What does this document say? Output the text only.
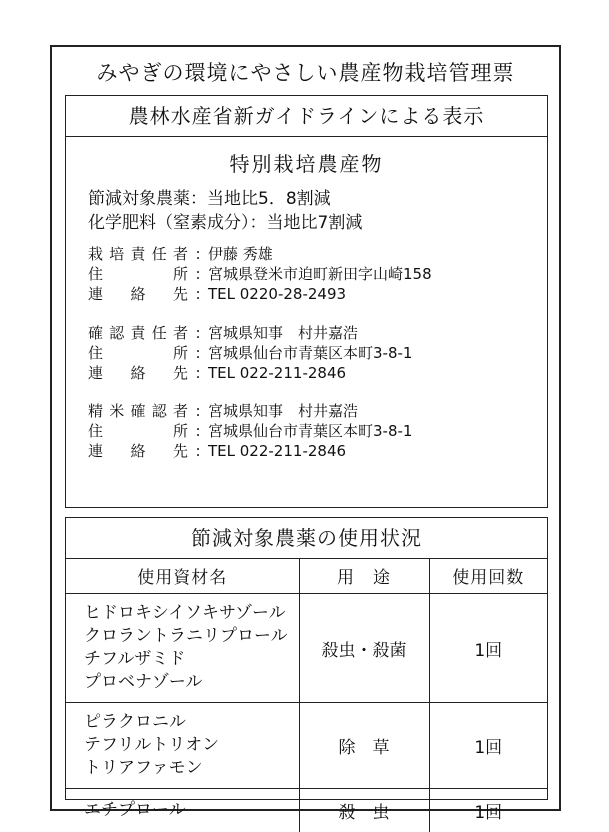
みやぎの環境にやさしい農産物栽培管理票
農林水産省新ガイドラインによる表示
特別栽培農産物
節減対象農薬：当地比5．8割減
化学肥料（窒素成分）：当地比7割減
栽培責任者 : 伊藤 秀雄
住所 : 宮城県登米市迫町新田字山崎158
連絡先 : TEL 0220-28-2493
確認責任者 : 宮城県知事　村井嘉浩
住所 : 宮城県仙台市青葉区本町3-8-1
連絡先 : TEL 022-211-2846
精米確認者 : 宮城県知事　村井嘉浩
住所 : 宮城県仙台市青葉区本町3-8-1
連絡先 : TEL 022-211-2846
節減対象農薬の使用状況
使用資材名	用　途	使用回数

ヒドロキシイソキサゾール
クロラントラニリプロール
チフルザミド
プロベナゾール	殺虫・殺菌	1回

ピラクロニル
テフリルトリオン
トリアファモン	除　草	1回

エチプロール	殺　虫	1回
